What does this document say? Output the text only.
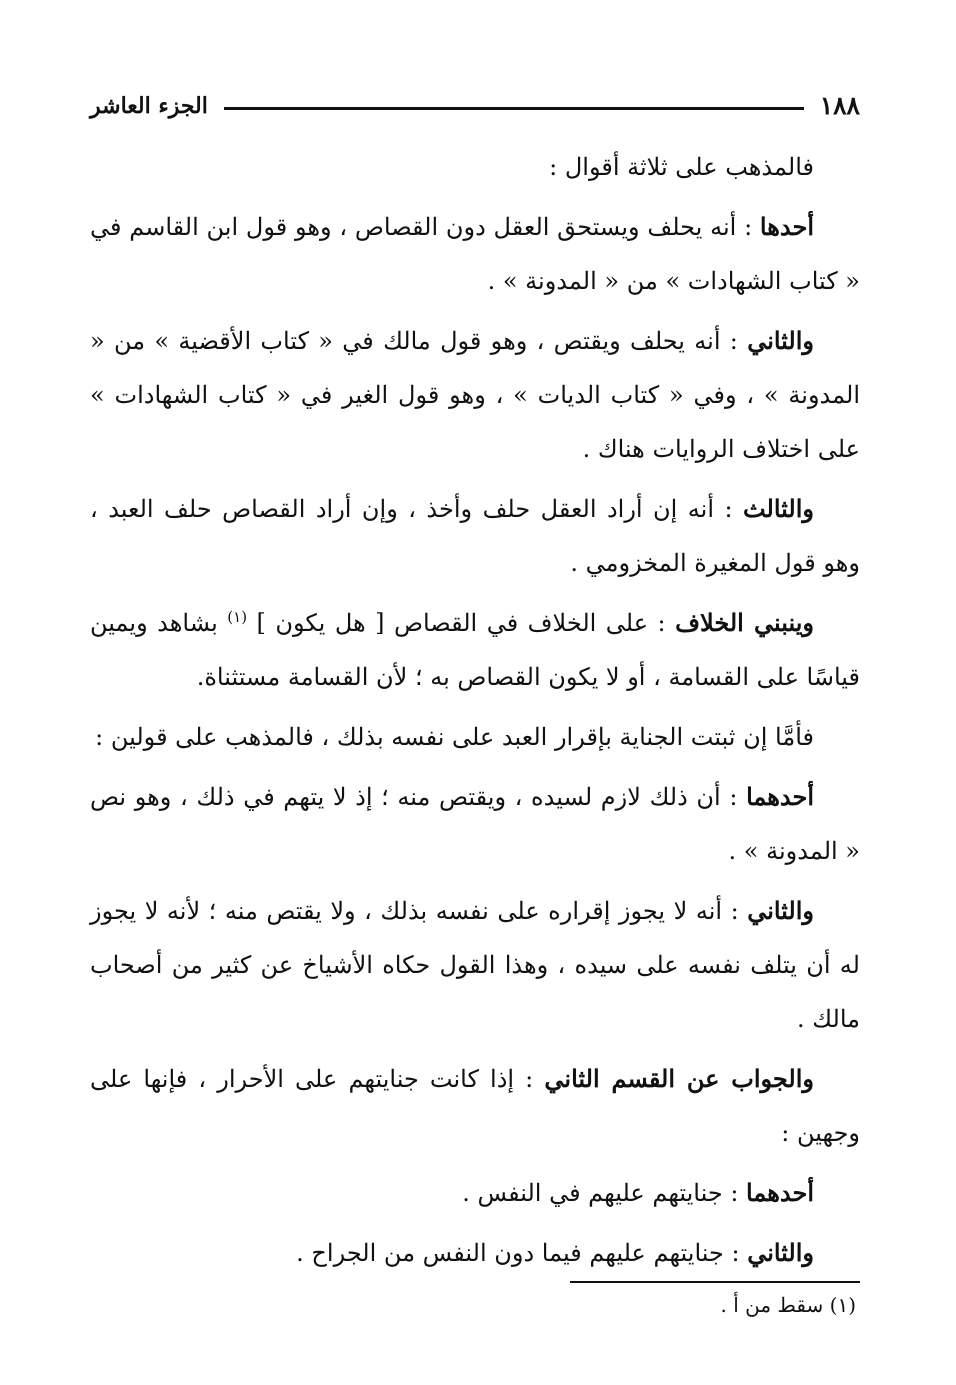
١٨٨
الجزء العاشر

فالمذهب على ثلاثة أقوال :

أحدها : أنه يحلف ويستحق العقل دون القصاص ، وهو قول ابن القاسم في « كتاب الشهادات » من « المدونة » .

والثاني : أنه يحلف ويقتص ، وهو قول مالك في « كتاب الأقضية » من « المدونة » ، وفي « كتاب الديات » ، وهو قول الغير في « كتاب الشهادات » على اختلاف الروايات هناك .

والثالث : أنه إن أراد العقل حلف وأخذ ، وإن أراد القصاص حلف العبد ، وهو قول المغيرة المخزومي .

وينبني الخلاف : على الخلاف في القصاص [ هل يكون ] $^{(١)}$ بشاهد ويمين قياسًا على القسامة ، أو لا يكون القصاص به ؛ لأن القسامة مستثناة.

فأمَّا إن ثبتت الجناية بإقرار العبد على نفسه بذلك ، فالمذهب على قولين :

أحدهما : أن ذلك لازم لسيده ، ويقتص منه ؛ إذ لا يتهم في ذلك ، وهو نص « المدونة » .

والثاني : أنه لا يجوز إقراره على نفسه بذلك ، ولا يقتص منه ؛ لأنه لا يجوز له أن يتلف نفسه على سيده ، وهذا القول حكاه الأشياخ عن كثير من أصحاب مالك .

والجواب عن القسم الثاني : إذا كانت جنايتهم على الأحرار ، فإنها على وجهين :

أحدهما : جنايتهم عليهم في النفس .

والثاني : جنايتهم عليهم فيما دون النفس من الجراح .

(١) سقط من أ .
